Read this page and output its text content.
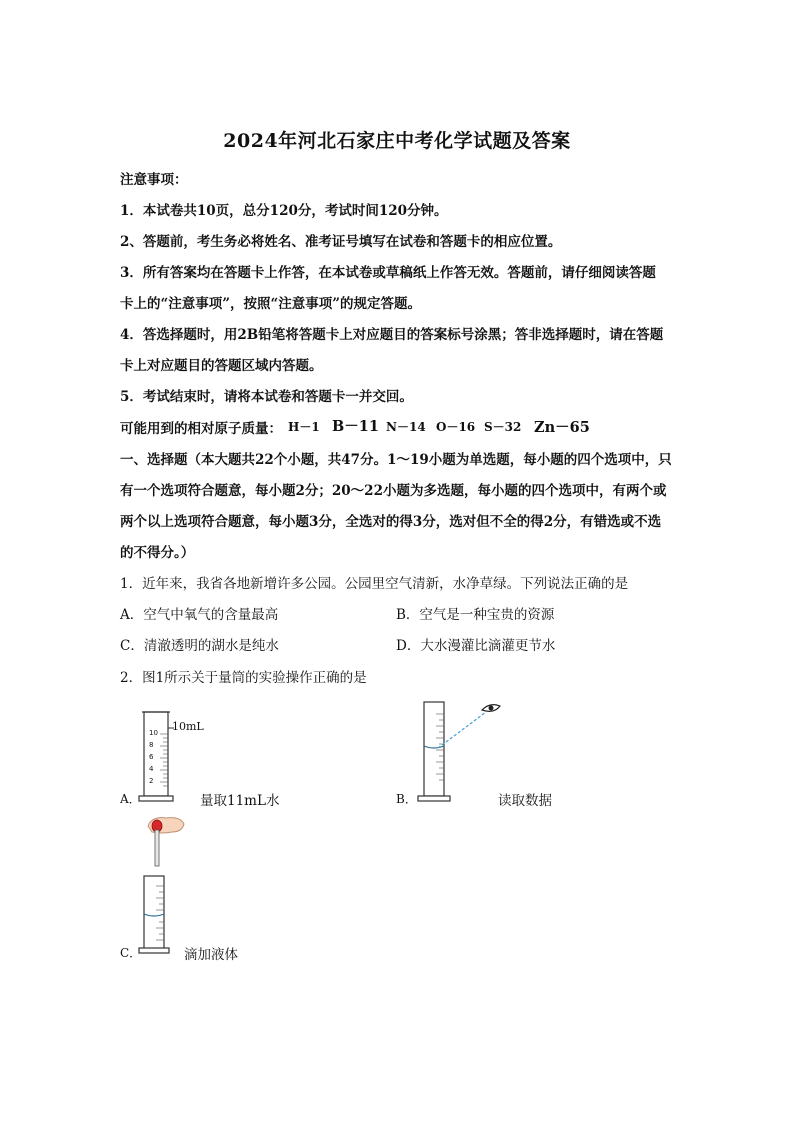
2024年河北石家庄中考化学试题及答案
注意事项：
1．本试卷共10页，总分120分，考试时间120分钟。
2、答题前，考生务必将姓名、准考证号填写在试卷和答题卡的相应位置。
3．所有答案均在答题卡上作答，在本试卷或草稿纸上作答无效。答题前，请仔细阅读答题
卡上的“注意事项”，按照“注意事项”的规定答题。
4．答选择题时，用2B铅笔将答题卡上对应题目的答案标号涂黑；答非选择题时，请在答题
卡上对应题目的答题区域内答题。
5．考试结束时，请将本试卷和答题卡一并交回。
可能用到的相对原子质量： H－1 B－11 N－14 O－16 S－32 Zn－65
一、选择题（本大题共22个小题，共47分。1～19小题为单选题，每小题的四个选项中，只
有一个选项符合题意，每小题2分；20～22小题为多选题，每小题的四个选项中，有两个或
两个以上选项符合题意，每小题3分，全选对的得3分，选对但不全的得2分，有错选或不选
的不得分。）
1．近年来，我省各地新增许多公园。公园里空气清新，水净草绿。下列说法正确的是
A．空气中氧气的含量最高	B．空气是一种宝贵的资源
C．清澈透明的湖水是纯水	D．大水漫灌比滴灌更节水
2．图1所示关于量筒的实验操作正确的是
10mL
10
8
6
4
2
A．	量取11mL水	B．	读取数据
C．	滴加液体
